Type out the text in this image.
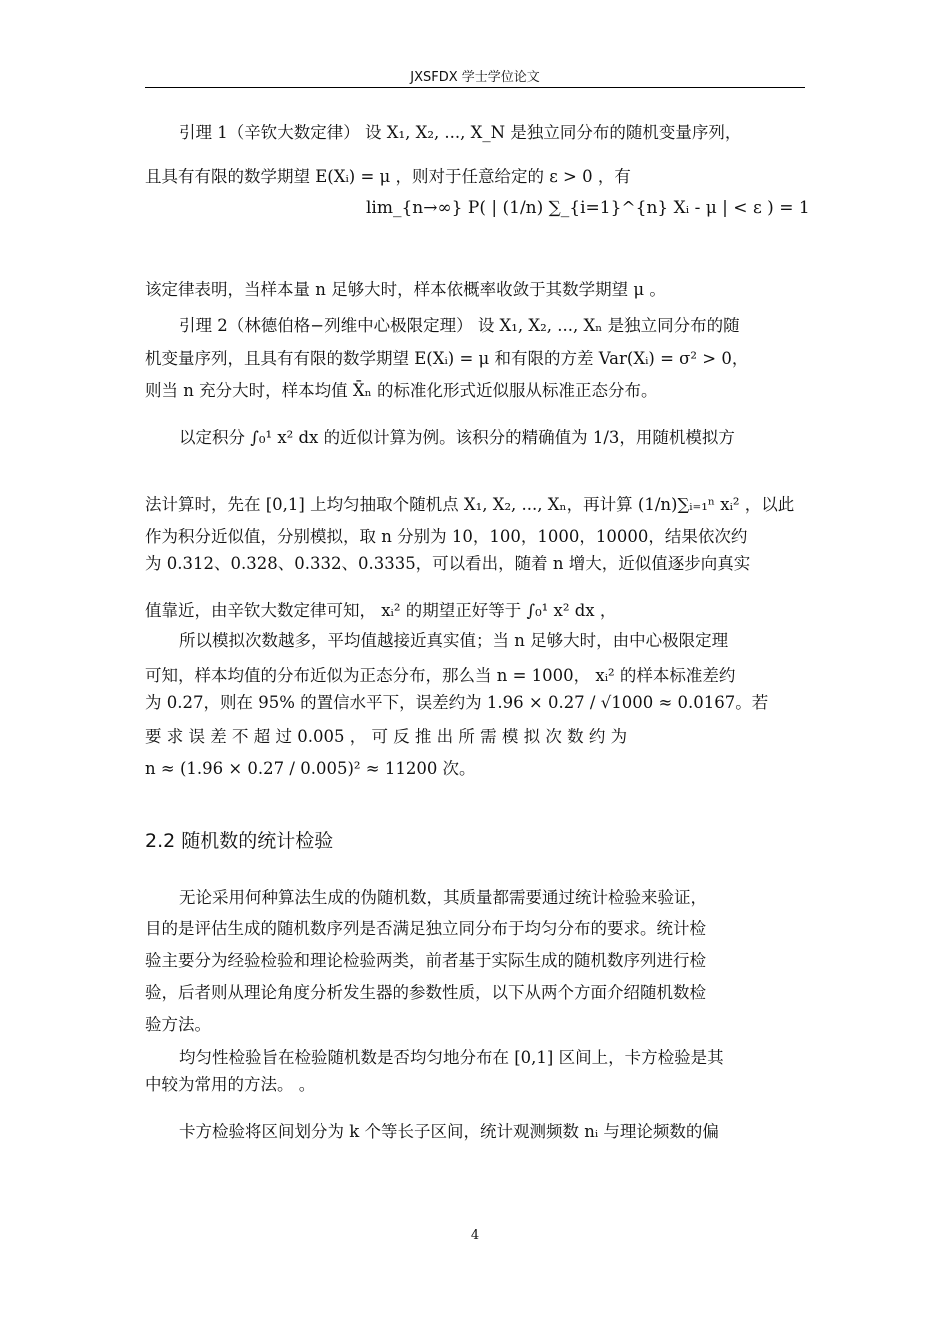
JXSFDX 学士学位论文
引理 1（辛钦大数定律） 设 X₁, X₂, ..., X_N 是独立同分布的随机变量序列，
且具有有限的数学期望 E(Xᵢ) = μ ，则对于任意给定的 ε > 0 ，有
lim_{n→∞} P( | (1/n) ∑_{i=1}^{n} Xᵢ - μ | < ε ) = 1
该定律表明，当样本量 n 足够大时，样本依概率收敛于其数学期望 μ 。
引理 2（林德伯格−列维中心极限定理） 设 X₁, X₂, ..., Xₙ 是独立同分布的随
机变量序列，且具有有限的数学期望 E(Xᵢ) = μ 和有限的方差 Var(Xᵢ) = σ² > 0，
则当 n 充分大时，样本均值 X̄ₙ 的标准化形式近似服从标准正态分布。
以定积分 ∫₀¹ x² dx 的近似计算为例。该积分的精确值为 1/3，用随机模拟方
法计算时，先在 [0,1] 上均匀抽取个随机点 X₁, X₂, ..., Xₙ，再计算 (1/n)∑ᵢ₌₁ⁿ xᵢ² ，以此
作为积分近似值，分别模拟，取 n 分别为 10，100，1000，10000，结果依次约
为 0.312、0.328、0.332、0.3335，可以看出，随着 n 增大，近似值逐步向真实
值靠近，由辛钦大数定律可知， xᵢ² 的期望正好等于 ∫₀¹ x² dx ，
所以模拟次数越多，平均值越接近真实值；当 n 足够大时，由中心极限定理
可知，样本均值的分布近似为正态分布，那么当 n = 1000， xᵢ² 的样本标准差约
为 0.27，则在 95% 的置信水平下，误差约为 1.96 × 0.27 / √1000 ≈ 0.0167。若
要 求 误 差 不 超 过 0.005 ， 可 反 推 出 所 需 模 拟 次 数 约 为
n ≈ (1.96 × 0.27 / 0.005)² ≈ 11200 次。
2.2 随机数的统计检验
无论采用何种算法生成的伪随机数，其质量都需要通过统计检验来验证，
目的是评估生成的随机数序列是否满足独立同分布于均匀分布的要求。统计检
验主要分为经验检验和理论检验两类，前者基于实际生成的随机数序列进行检
验，后者则从理论角度分析发生器的参数性质，以下从两个方面介绍随机数检
验方法。
均匀性检验旨在检验随机数是否均匀地分布在 [0,1] 区间上，卡方检验是其
中较为常用的方法。 。
卡方检验将区间划分为 k 个等长子区间，统计观测频数 nᵢ 与理论频数的偏
4
